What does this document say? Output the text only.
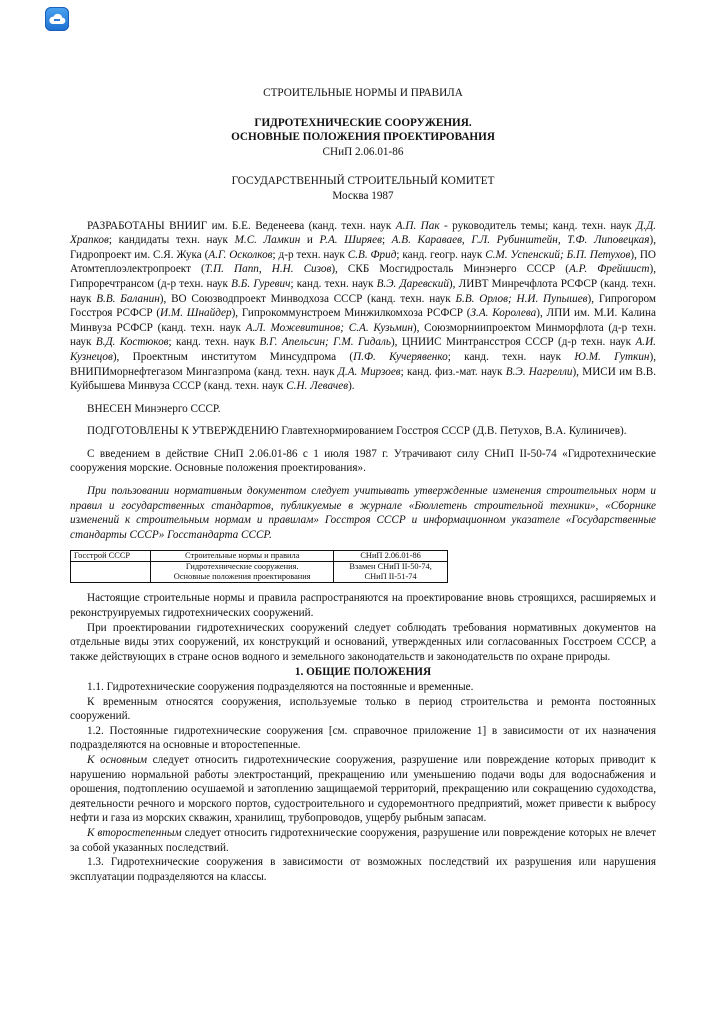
СТРОИТЕЛЬНЫЕ НОРМЫ И ПРАВИЛА
ГИДРОТЕХНИЧЕСКИЕ СООРУЖЕНИЯ.
ОСНОВНЫЕ ПОЛОЖЕНИЯ ПРОЕКТИРОВАНИЯ
СНиП 2.06.01-86
ГОСУДАРСТВЕННЫЙ СТРОИТЕЛЬНЫЙ КОМИТЕТ
Москва 1987

РАЗРАБОТАНЫ ВНИИГ им. Б.Е. Веденеева (канд. техн. наук А.П. Пак - руководитель темы; канд. техн. наук Д.Д. Храпков; кандидаты техн. наук М.С. Ламкин и Р.А. Ширяев; А.В. Караваев, Г.Л. Рубинштейн, Т.Ф. Липовецкая), Гидропроект им. С.Я. Жука (А.Г. Осколков; д-р техн. наук С.В. Фрид; канд. геогр. наук С.М. Успенский; Б.П. Петухов), ПО Атомтеплоэлектропроект (Т.П. Папп, Н.Н. Сизов), СКБ Мосгидросталь Минэнерго СССР (А.Р. Фрейшист), Гипроречтрансом (д-р техн. наук В.Б. Гуревич; канд. техн. наук В.Э. Даревский), ЛИВТ Минречфлота РСФСР (канд. техн. наук В.В. Баланин), ВО Союзводпроект Минводхоза СССР (канд. техн. наук Б.В. Орлов; Н.И. Пупышев), Гипрогором Госстроя РСФСР (И.М. Шнайдер), Гипрокоммунстроем Минжилкомхоза РСФСР (З.А. Королева), ЛПИ им. М.И. Калина Минвуза РСФСР (канд. техн. наук А.Л. Можевитинов; С.А. Кузьмин), Союзморниипроектом Минморфлота (д-р техн. наук В.Д. Костюков; канд. техн. наук В.Г. Апельсин; Г.М. Гидаль), ЦНИИС Минтрансстроя СССР (д-р техн. наук А.И. Кузнецов), Проектным институтом Минсудпрома (П.Ф. Кучерявенко; канд. техн. наук Ю.М. Гуткин), ВНИПИморнефтегазом Мингазпрома (канд. техн. наук Д.А. Мирзоев; канд. физ.-мат. наук В.Э. Нагрелли), МИСИ им В.В. Куйбышева Минвуза СССР (канд. техн. наук С.Н. Левачев).

ВНЕСЕН Минэнерго СССР.

ПОДГОТОВЛЕНЫ К УТВЕРЖДЕНИЮ Главтехнормированием Госстроя СССР (Д.В. Петухов, В.А. Кулиничев).

С введением в действие СНиП 2.06.01-86 с 1 июля 1987 г. Утрачивают силу СНиП II-50-74 «Гидротехнические сооружения морские. Основные положения проектирования».

При пользовании нормативным документом следует учитывать утвержденные изменения строительных норм и правил и государственных стандартов, публикуемые в журнале «Бюллетень строительной техники», «Сборнике изменений к строительным нормам и правилам» Госстроя СССР и информационном указателе «Государственные стандарты СССР» Госстандарта СССР.

Госстрой СССР	Строительные нормы и правила	СНиП 2.06.01-86
	Гидротехнические сооружения.
Основные положения проектирования	Взамен СНиП II-50-74,
СНиП II-51-74

Настоящие строительные нормы и правила распространяются на проектирование вновь строящихся, расширяемых и реконструируемых гидротехнических сооружений.

При проектировании гидротехнических сооружений следует соблюдать требования нормативных документов на отдельные виды этих сооружений, их конструкций и оснований, утвержденных или согласованных Госстроем СССР, а также действующих в стране основ водного и земельного законодательств и законодательств по охране природы.

1. ОБЩИЕ ПОЛОЖЕНИЯ

1.1. Гидротехнические сооружения подразделяются на постоянные и временные.

К временным относятся сооружения, используемые только в период строительства и ремонта постоянных сооружений.

1.2. Постоянные гидротехнические сооружения [см. справочное приложение 1] в зависимости от их назначения подразделяются на основные и второстепенные.

К основным следует относить гидротехнические сооружения, разрушение или повреждение которых приводит к нарушению нормальной работы электростанций, прекращению или уменьшению подачи воды для водоснабжения и орошения, подтоплению осушаемой и затоплению защищаемой территорий, прекращению или сокращению судоходства, деятельности речного и морского портов, судостроительного и судоремонтного предприятий, может привести к выбросу нефти и газа из морских скважин, хранилищ, трубопроводов, ущербу рыбным запасам.

К второстепенным следует относить гидротехнические сооружения, разрушение или повреждение которых не влечет за собой указанных последствий.

1.3. Гидротехнические сооружения в зависимости от возможных последствий их разрушения или нарушения эксплуатации подразделяются на классы.
